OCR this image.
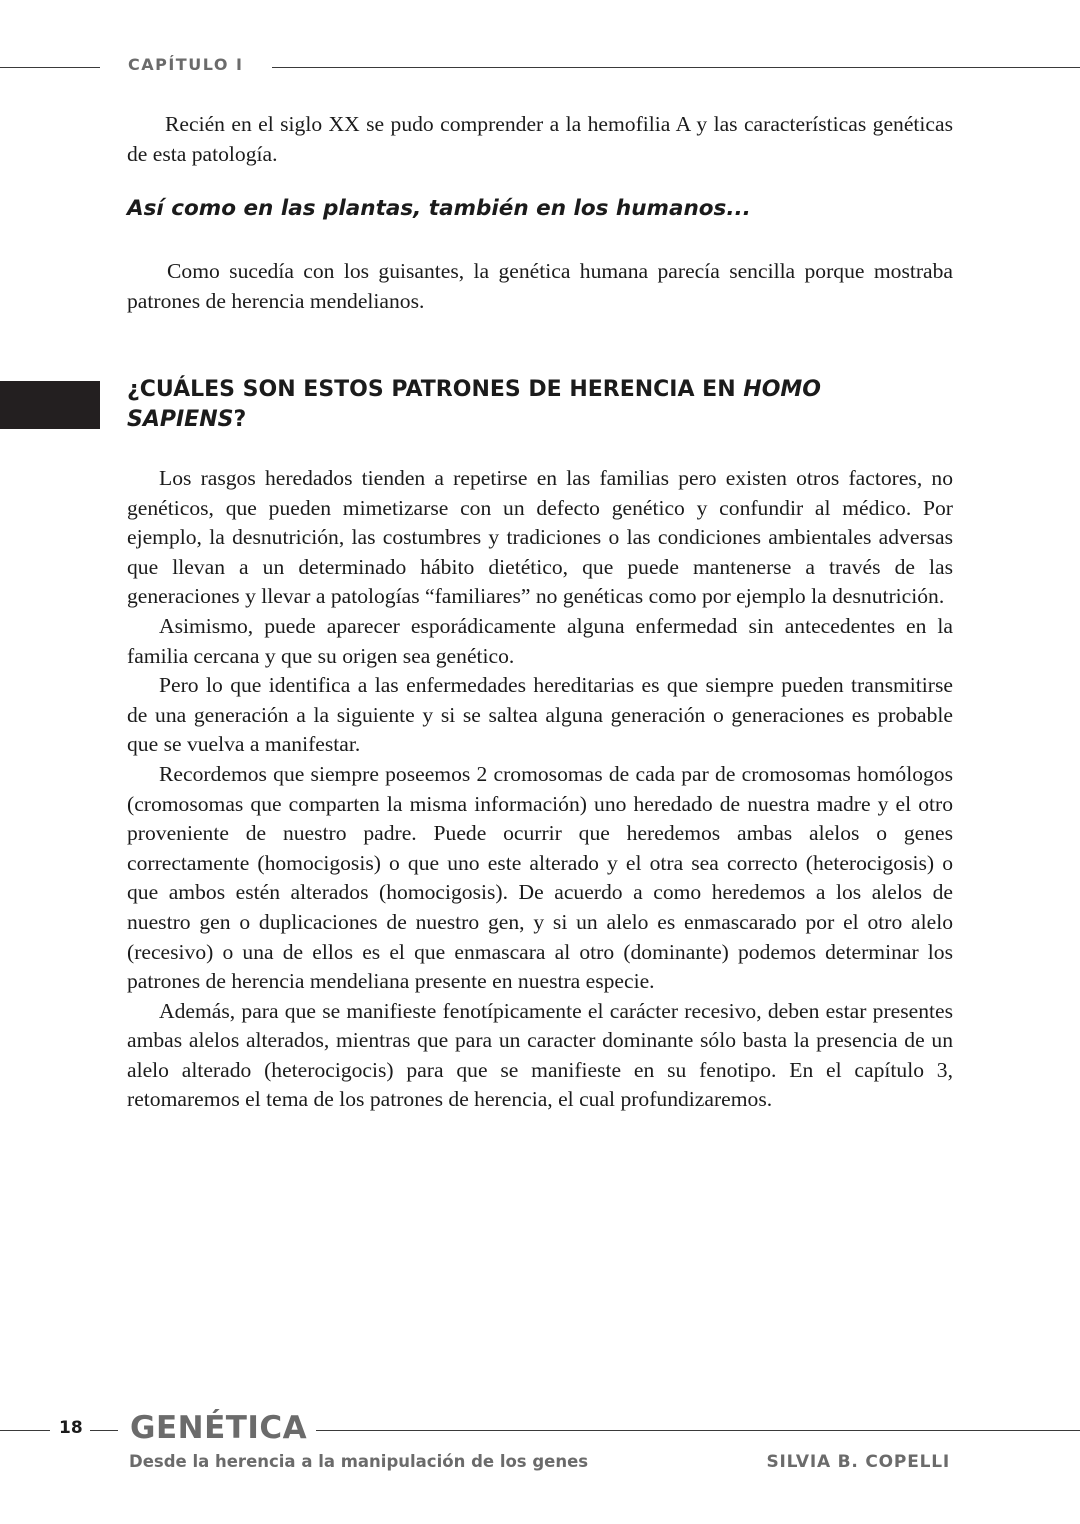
CAPÍTULO I

Recién en el siglo XX se pudo comprender a la hemofilia A y las características genéticas de esta patología.

Así como en las plantas, también en los humanos...

Como sucedía con los guisantes, la genética humana parecía sencilla porque mostraba patrones de herencia mendelianos.

¿CUÁLES SON ESTOS PATRONES DE HERENCIA EN HOMO SAPIENS?

Los rasgos heredados tienden a repetirse en las familias pero existen otros factores, no genéticos, que pueden mimetizarse con un defecto genético y confundir al médico. Por ejemplo, la desnutrición, las costumbres y tradiciones o las condiciones ambientales adversas que llevan a un determinado hábito dietético, que puede mantenerse a través de las generaciones y llevar a patologías “familiares” no genéticas como por ejemplo la desnutrición.

Asimismo, puede aparecer esporádicamente alguna enfermedad sin antecedentes en la familia cercana y que su origen sea genético.

Pero lo que identifica a las enfermedades hereditarias es que siempre pueden transmitirse de una generación a la siguiente y si se saltea alguna generación o generaciones es probable que se vuelva a manifestar.

Recordemos que siempre poseemos 2 cromosomas de cada par de cromosomas homólogos (cromosomas que comparten la misma información) uno heredado de nuestra madre y el otro proveniente de nuestro padre. Puede ocurrir que heredemos ambas alelos o genes correctamente (homocigosis) o que uno este alterado y el otra sea correcto (heterocigosis) o que ambos estén alterados (homocigosis). De acuerdo a como heredemos a los alelos de nuestro gen o duplicaciones de nuestro gen, y si un alelo es enmascarado por el otro alelo (recesivo) o una de ellos es el que enmascara al otro (dominante) podemos determinar los patrones de herencia mendeliana presente en nuestra especie.

Además, para que se manifieste fenotípicamente el carácter recesivo, deben estar presentes ambas alelos alterados, mientras que para un caracter dominante sólo basta la presencia de un alelo alterado (heterocigocis) para que se manifieste en su fenotipo. En el capítulo 3, retomaremos el tema de los patrones de herencia, el cual profundizaremos.

18 GENÉTICA
Desde la herencia a la manipulación de los genes	SILVIA B. COPELLI
